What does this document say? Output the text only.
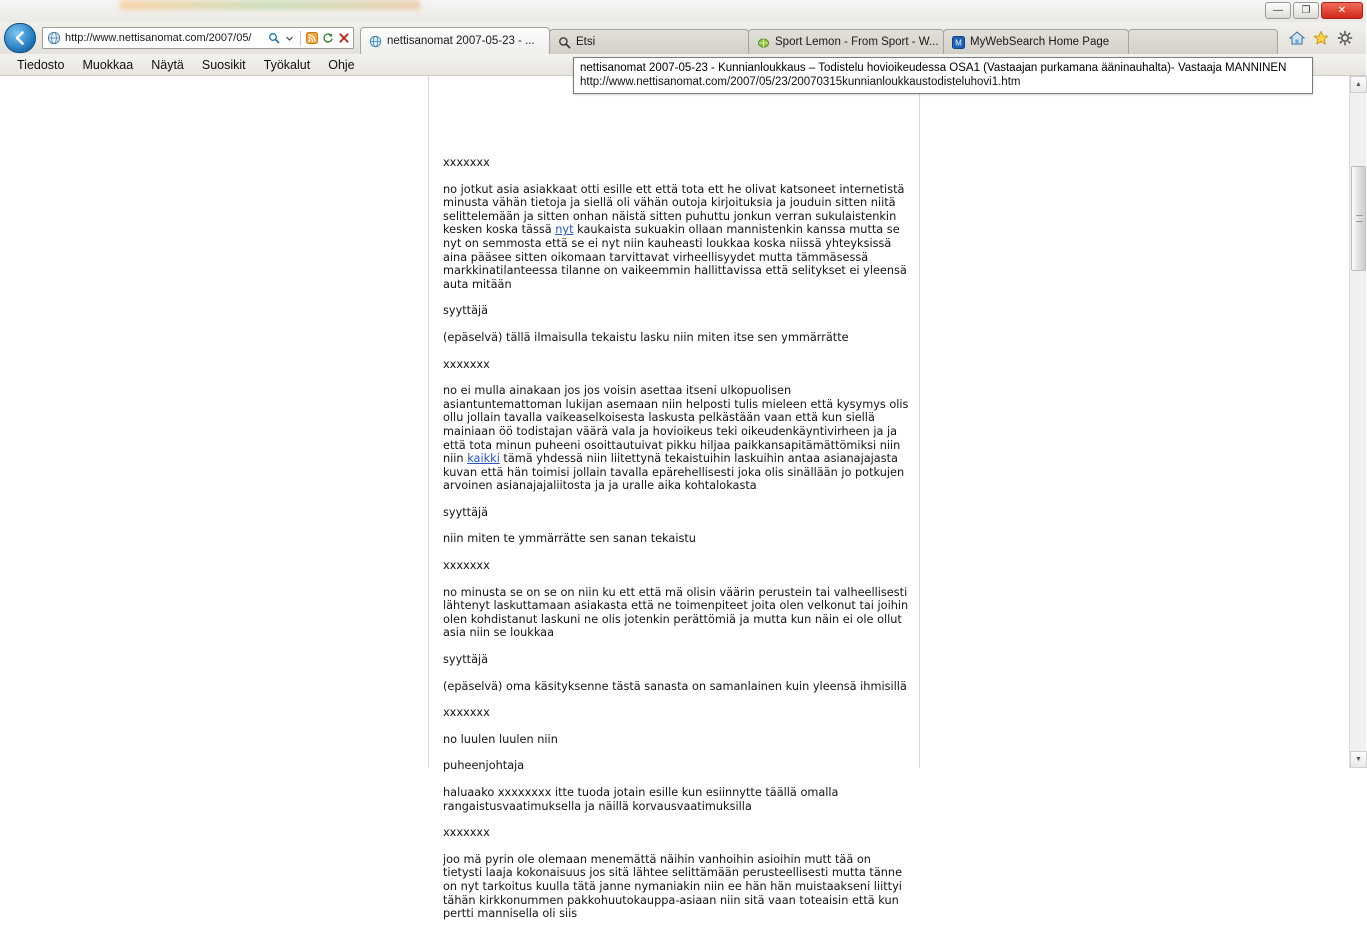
—	❐	✕
http://www.nettisanomat.com/2007/05/	nettisanomat 2007-05-23 - ...	Etsi	Sport Lemon - From Sport - W... M MyWebSearch Home Page
Tiedosto	Muokkaa	Näytä	Suosikit	Työkalut	Ohje

xxxxxxx

no jotkut asia asiakkaat otti esille ett että tota ett he olivat katsoneet internetistä minusta vähän tietoja ja siellä oli vähän outoja kirjoituksia ja jouduin sitten niitä selittelemään ja sitten onhan näistä sitten puhuttu jonkun verran sukulaistenkin kesken koska tässä nyt kaukaista sukuakin ollaan mannistenkin kanssa mutta se nyt on semmosta että se ei nyt niin kauheasti loukkaa koska niissä yhteyksissä aina pääsee sitten oikomaan tarvittavat virheellisyydet mutta tämmäsessä markkinatilanteessa tilanne on vaikeemmin hallittavissa että selitykset ei yleensä auta mitään

syyttäjä

(epäselvä) tällä ilmaisulla tekaistu lasku niin miten itse sen ymmärrätte

xxxxxxx

no ei mulla ainakaan jos jos voisin asettaa itseni ulkopuolisen asiantuntemattoman lukijan asemaan niin helposti tulis mieleen että kysymys olis ollu jollain tavalla vaikeaselkoisesta laskusta pelkästään vaan että kun siellä mainiaan öö todistajan väärä vala ja hovioikeus teki oikeudenkäyntivirheen ja ja että tota minun puheeni osoittautuivat pikku hiljaa paikkansapitämättömiksi niin niin kaikki tämä yhdessä niin liitettynä tekaistuihin laskuihin antaa asianajajasta kuvan että hän toimisi jollain tavalla epärehellisesti joka olis sinällään jo potkujen arvoinen asianajajaliitosta ja ja uralle aika kohtalokasta

syyttäjä

niin miten te ymmärrätte sen sanan tekaistu

xxxxxxx

no minusta se on se on niin ku ett että mä olisin väärin perustein tai valheellisesti lähtenyt laskuttamaan asiakasta että ne toimenpiteet joita olen velkonut tai joihin olen kohdistanut laskuni ne olis jotenkin perättömiä ja mutta kun näin ei ole ollut asia niin se loukkaa

syyttäjä

(epäselvä) oma käsityksenne tästä sanasta on samanlainen kuin yleensä ihmisillä

xxxxxxx

no luulen luulen niin

puheenjohtaja

haluaako xxxxxxxx itte tuoda jotain esille kun esiinnytte täällä omalla rangaistusvaatimuksella ja näillä korvausvaatimuksilla

xxxxxxx

joo mä pyrin ole olemaan menemättä näihin vanhoihin asioihin mutt tää on tietysti laaja kokonaisuus jos sitä lähtee selittämään perusteellisesti mutta tänne on nyt tarkoitus kuulla tätä janne nymaniakin niin ee hän hän muistaakseni liittyi tähän kirkkonummen pakkohuutokauppa-asiaan niin sitä vaan toteaisin että kun pertti mannisella oli siis

▲
▼
nettisanomat 2007-05-23 - Kunnianloukkaus – Todistelu hovioikeudessa OSA1 (Vastaajan purkamana ääninauhalta)- Vastaaja MANNINEN
http://www.nettisanomat.com/2007/05/23/20070315kunnianloukkaustodisteluhovi1.htm
